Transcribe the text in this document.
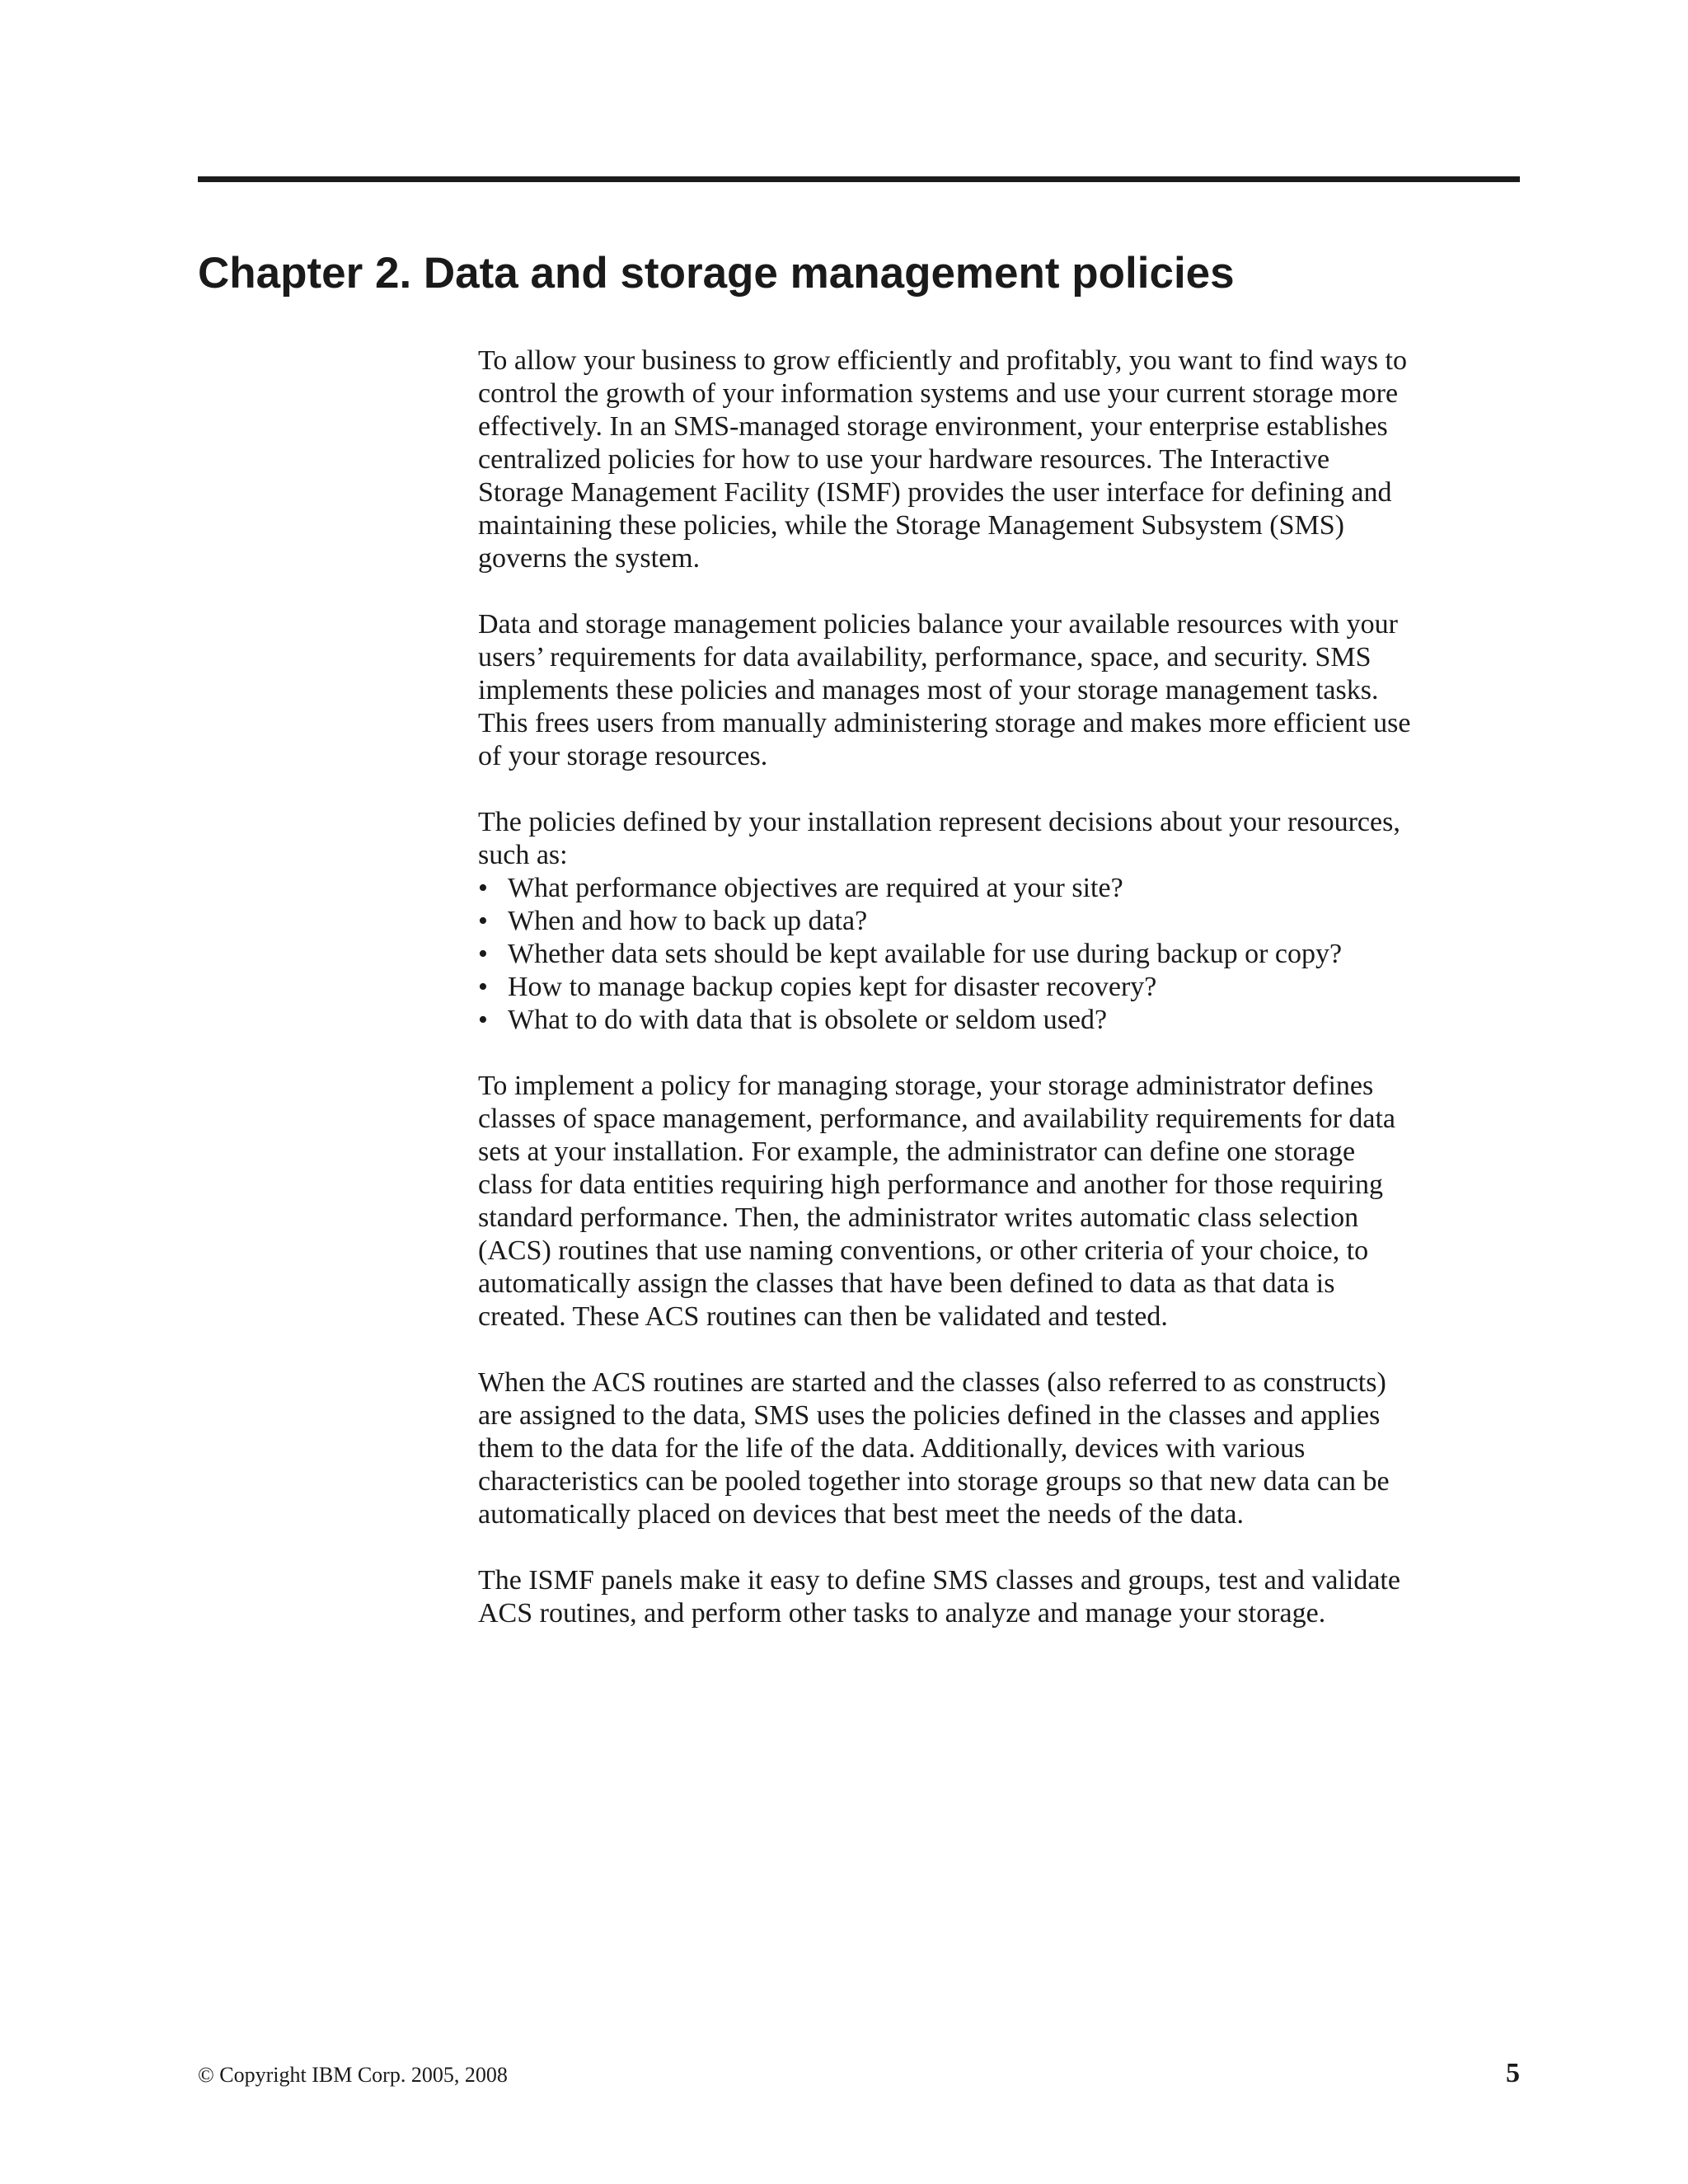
Chapter 2. Data and storage management policies

To allow your business to grow efficiently and profitably, you want to find ways to
control the growth of your information systems and use your current storage more
effectively. In an SMS-managed storage environment, your enterprise establishes
centralized policies for how to use your hardware resources. The Interactive
Storage Management Facility (ISMF) provides the user interface for defining and
maintaining these policies, while the Storage Management Subsystem (SMS)
governs the system.

Data and storage management policies balance your available resources with your
users’ requirements for data availability, performance, space, and security. SMS
implements these policies and manages most of your storage management tasks.
This frees users from manually administering storage and makes more efficient use
of your storage resources.

The policies defined by your installation represent decisions about your resources,
such as:

• What performance objectives are required at your site?
• When and how to back up data?
• Whether data sets should be kept available for use during backup or copy?
• How to manage backup copies kept for disaster recovery?
• What to do with data that is obsolete or seldom used?

To implement a policy for managing storage, your storage administrator defines
classes of space management, performance, and availability requirements for data
sets at your installation. For example, the administrator can define one storage
class for data entities requiring high performance and another for those requiring
standard performance. Then, the administrator writes automatic class selection
(ACS) routines that use naming conventions, or other criteria of your choice, to
automatically assign the classes that have been defined to data as that data is
created. These ACS routines can then be validated and tested.

When the ACS routines are started and the classes (also referred to as constructs)
are assigned to the data, SMS uses the policies defined in the classes and applies
them to the data for the life of the data. Additionally, devices with various
characteristics can be pooled together into storage groups so that new data can be
automatically placed on devices that best meet the needs of the data.

The ISMF panels make it easy to define SMS classes and groups, test and validate
ACS routines, and perform other tasks to analyze and manage your storage.

© Copyright IBM Corp. 2005, 2008	5
